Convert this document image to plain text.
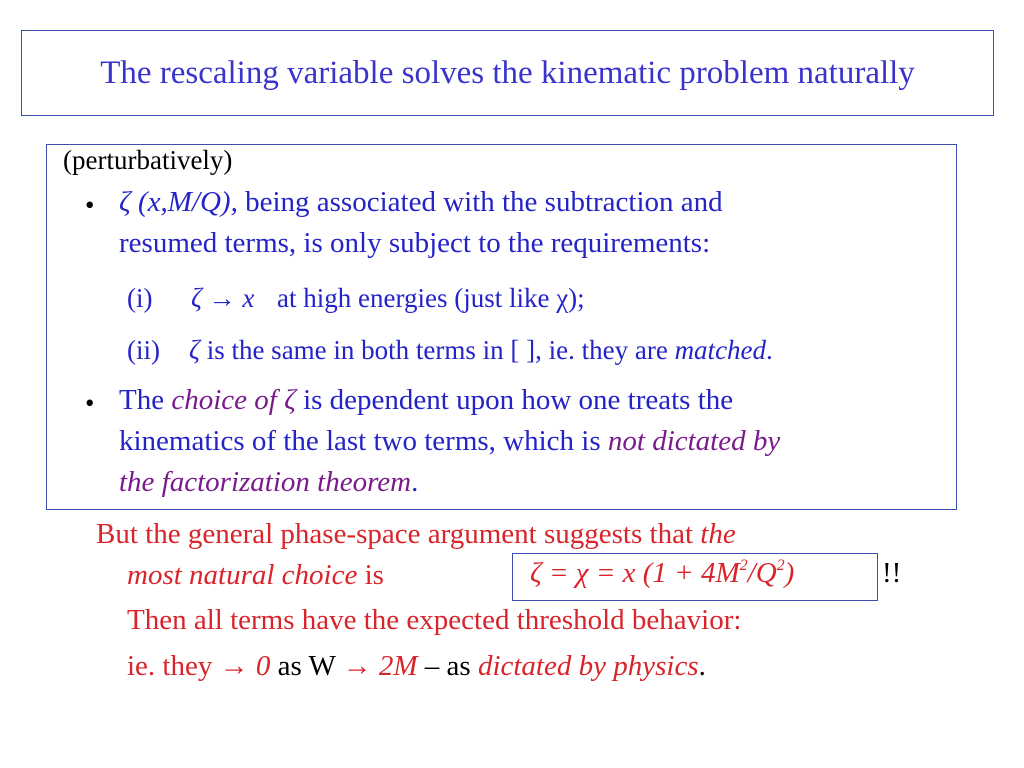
The rescaling variable solves the kinematic problem naturally
(perturbatively)
• ζ (x,M/Q), being associated with the subtraction and
resumed terms, is only subject to the requirements:
(i) ζ → x at high energies (just like χ);
(ii) ζ is the same in both terms in [ ], ie. they are matched.
• The choice of ζ is dependent upon how one treats the
kinematics of the last two terms, which is not dictated by
the factorization theorem.
But the general phase-space argument suggests that the
most natural choice is
Then all terms have the expected threshold behavior:
ie. they → 0 as W → 2M – as dictated by physics.
ζ = χ = x $(1 + 4M^2/Q^2)$	!!
